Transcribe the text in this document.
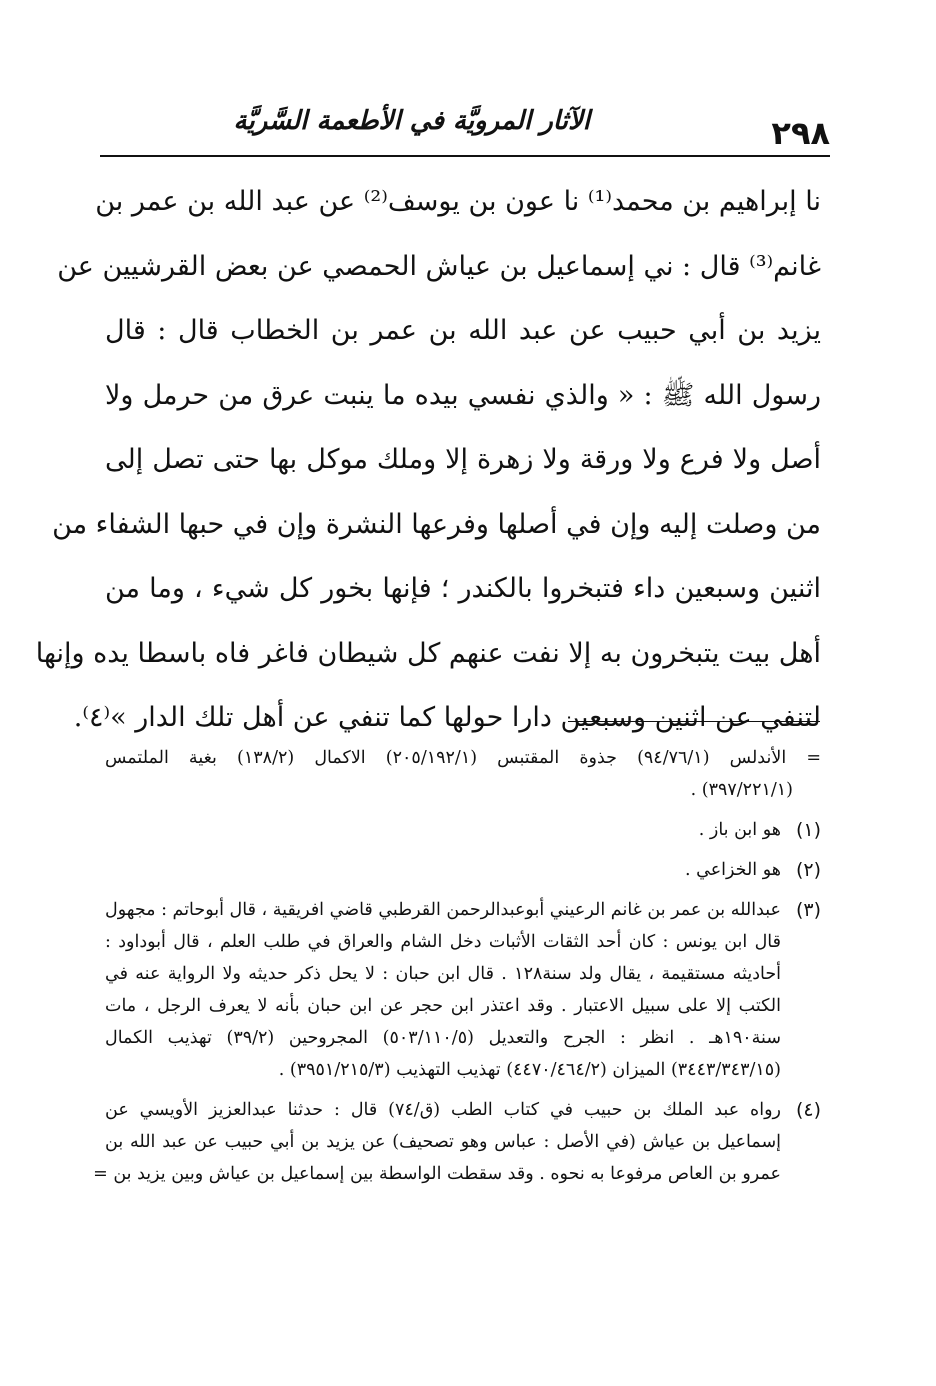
الآثار المرويَّة في الأطعمة السَّريَّة	٢٩٨
نا إبراهيم بن محمد⁽¹⁾ نا عون بن يوسف⁽²⁾ عن عبد الله بن عمر بن
غانم⁽³⁾ قال : ني إسماعيل بن عياش الحمصي عن بعض القرشيين عن
يزيد بن أبي حبيب عن عبد الله بن عمر بن الخطاب قال : قال
رسول الله ﷺ : « والذي نفسي بيده ما ينبت عرق من حرمل ولا
أصل ولا فرع ولا ورقة ولا زهرة إلا وملك موكل بها حتى تصل إلى
من وصلت إليه وإن في أصلها وفرعها النشرة وإن في حبها الشفاء من
اثنين وسبعين داء فتبخروا بالكندر ؛ فإنها بخور كل شيء ، وما من
أهل بيت يتبخرون به إلا نفت عنهم كل شيطان فاغر فاه باسطا يده وإنها
لتنفي عن اثنين وسبعين دارا حولها كما تنفي عن أهل تلك الدار »⁽٤⁾.
= الأندلس (٩٤/٧٦/١) جذوة المقتبس (٢٠٥/١٩٢/١) الاكمال (١٣٨/٢) بغية الملتمس
(٣٩٧/٢٢١/١) .
(١)
هو ابن باز .
(٢)
هو الخزاعي .
(٣)
عبدالله بن عمر بن غانم الرعيني أبوعبدالرحمن القرطبي قاضي افريقية ، قال أبوحاتم : مجهول
قال ابن يونس : كان أحد الثقات الأثبات دخل الشام والعراق في طلب العلم ، قال أبوداود :
أحاديثه مستقيمة ، يقال ولد سنة١٢٨ . قال ابن حبان : لا يحل ذكر حديثه ولا الرواية عنه في
الكتب إلا على سبيل الاعتبار . وقد اعتذر ابن حجر عن ابن حبان بأنه لا يعرف الرجل ، مات
سنة١٩٠هـ . انظر : الجرح والتعديل (٥٠٣/١١٠/٥) المجروحين (٣٩/٢) تهذيب الكمال
(٣٤٤٣/٣٤٣/١٥) الميزان (٤٤٧٠/٤٦٤/٢) تهذيب التهذيب (٣٩٥١/٢١٥/٣) .
(٤)
رواه عبد الملك بن حبيب في كتاب الطب (ق/٧٤) قال : حدثنا عبدالعزيز الأويسي عن
إسماعيل بن عياش (في الأصل : عباس وهو تصحيف) عن يزيد بن أبي حبيب عن عبد الله بن
عمرو بن العاص مرفوعا به نحوه . وقد سقطت الواسطة بين إسماعيل بن عياش وبين يزيد بن =
